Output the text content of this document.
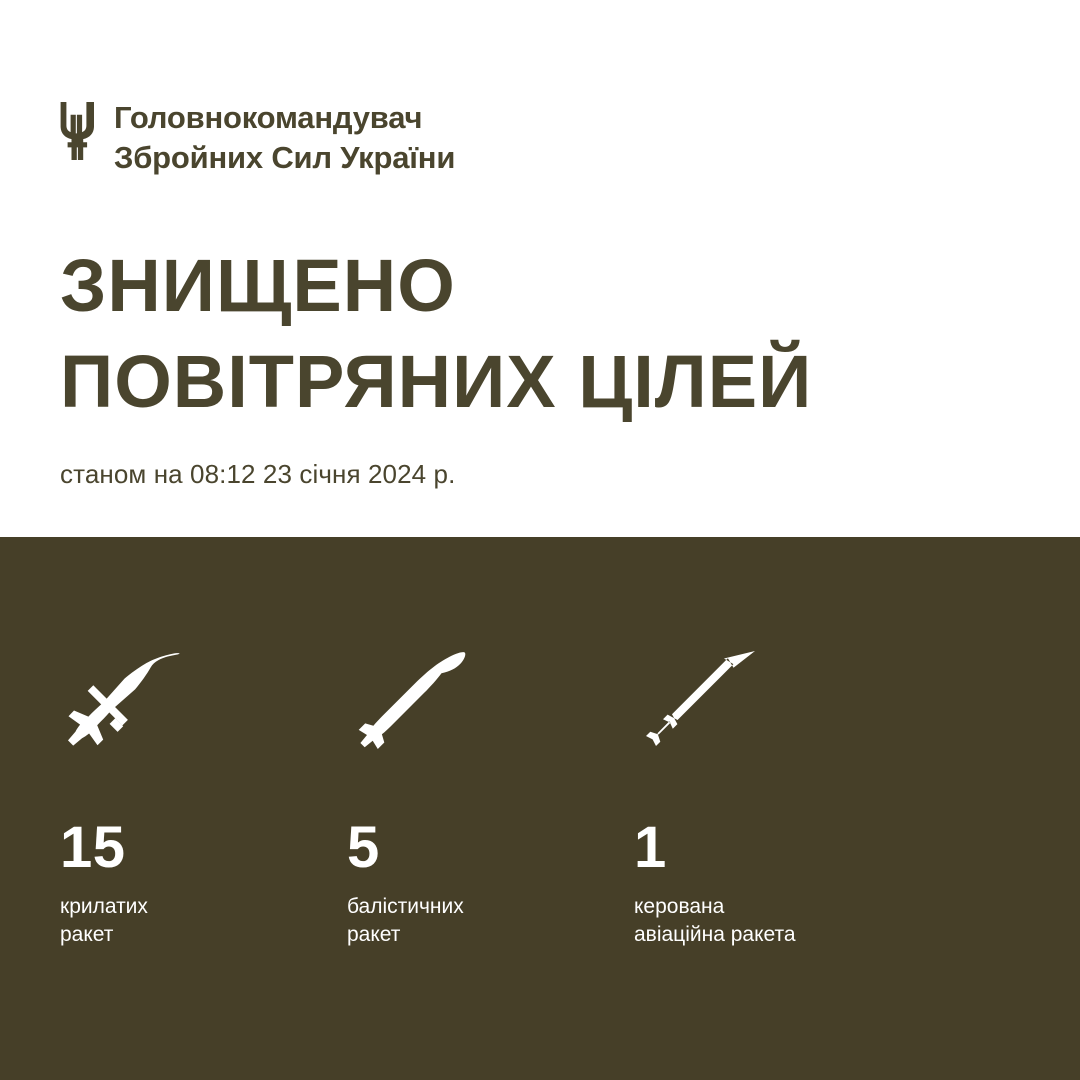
Головнокомандувач
Збройних Сил України
ЗНИЩЕНО
ПОВІТРЯНИХ ЦІЛЕЙ
станом на 08:12 23 січня 2024 р.
15
крилатих
ракет
5
балістичних
ракет
1
керована
авіаційна ракета
